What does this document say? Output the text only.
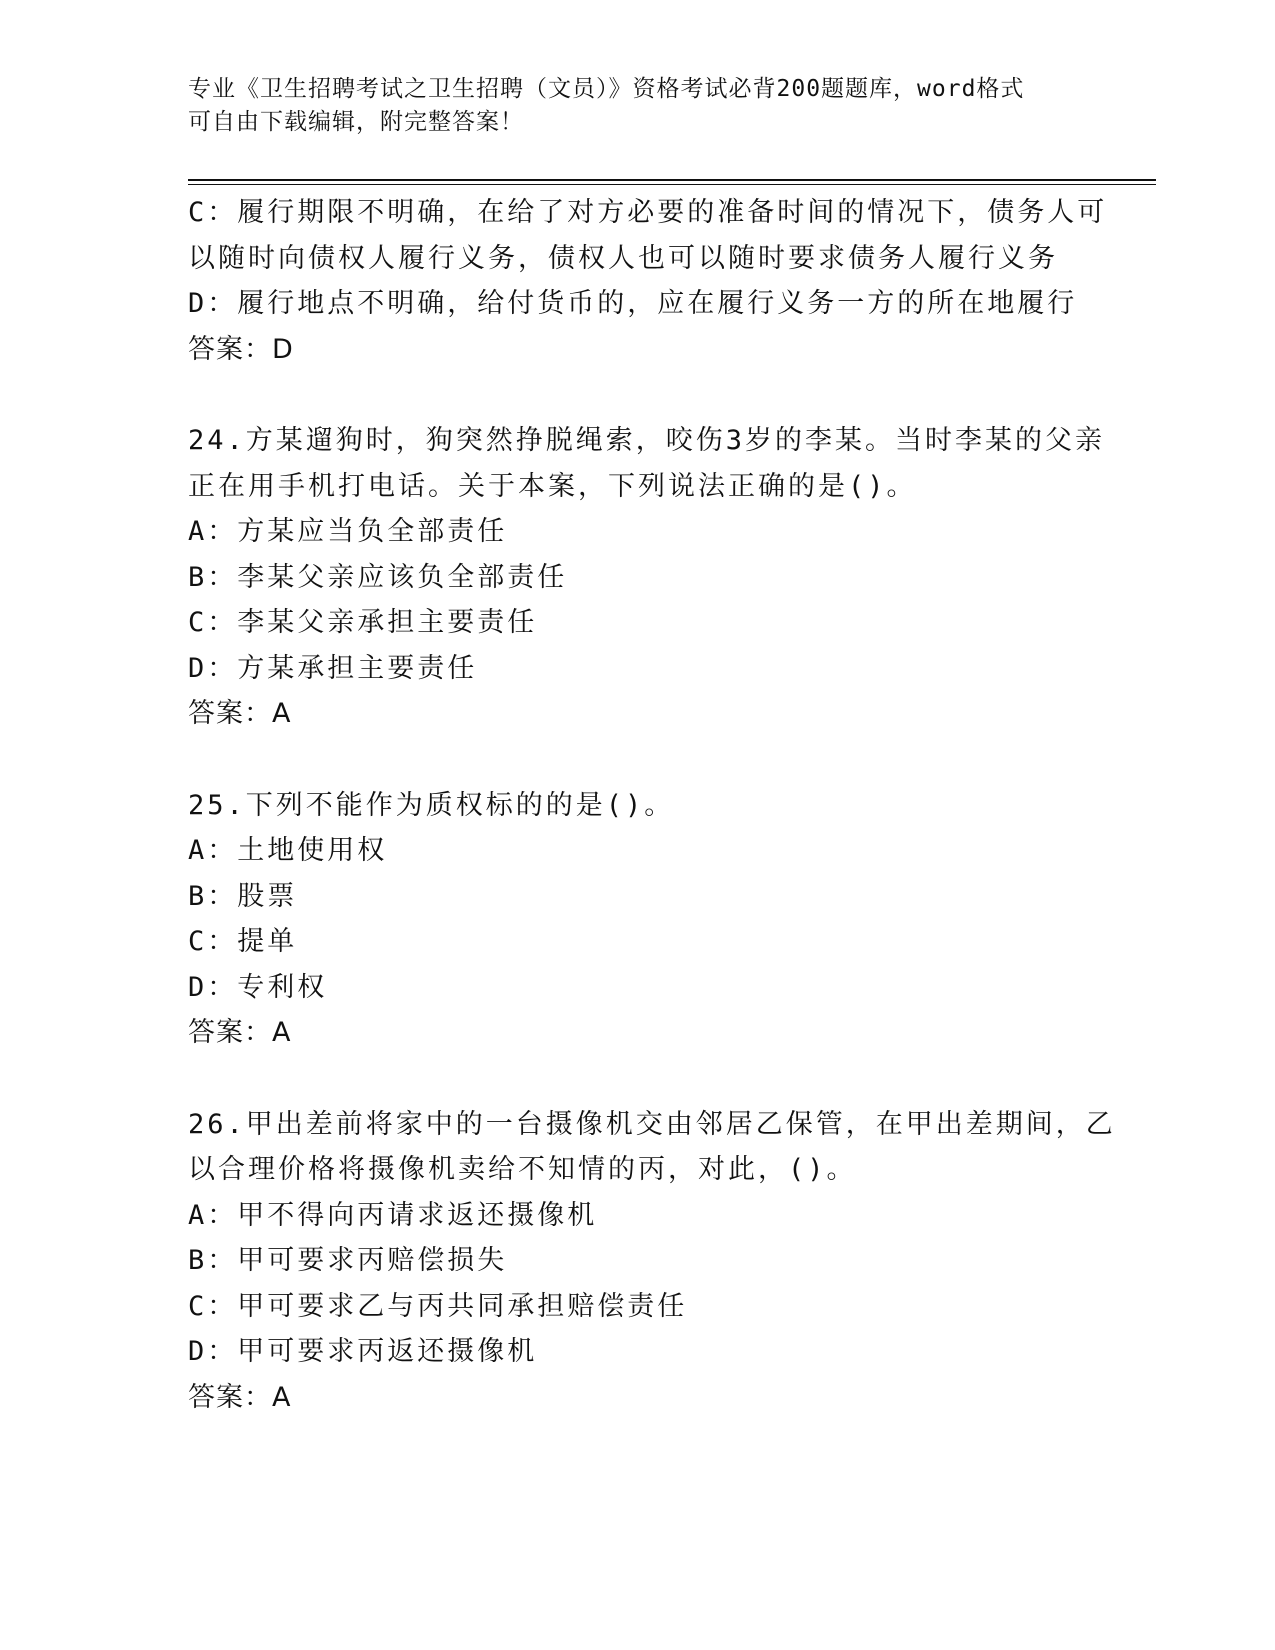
专业《卫生招聘考试之卫生招聘（文员）》资格考试必背200题题库，word格式
可自由下载编辑，附完整答案！
C：履行期限不明确，在给了对方必要的准备时间的情况下，债务人可
以随时向债权人履行义务，债权人也可以随时要求债务人履行义务
D：履行地点不明确，给付货币的，应在履行义务一方的所在地履行
答案：D
24.方某遛狗时，狗突然挣脱绳索，咬伤3岁的李某。当时李某的父亲
正在用手机打电话。关于本案，下列说法正确的是()。
A：方某应当负全部责任
B：李某父亲应该负全部责任
C：李某父亲承担主要责任
D：方某承担主要责任
答案：A
25.下列不能作为质权标的的是()。
A：土地使用权
B：股票
C：提单
D：专利权
答案：A
26.甲出差前将家中的一台摄像机交由邻居乙保管，在甲出差期间，乙
以合理价格将摄像机卖给不知情的丙，对此，()。
A：甲不得向丙请求返还摄像机
B：甲可要求丙赔偿损失
C：甲可要求乙与丙共同承担赔偿责任
D：甲可要求丙返还摄像机
答案：A
